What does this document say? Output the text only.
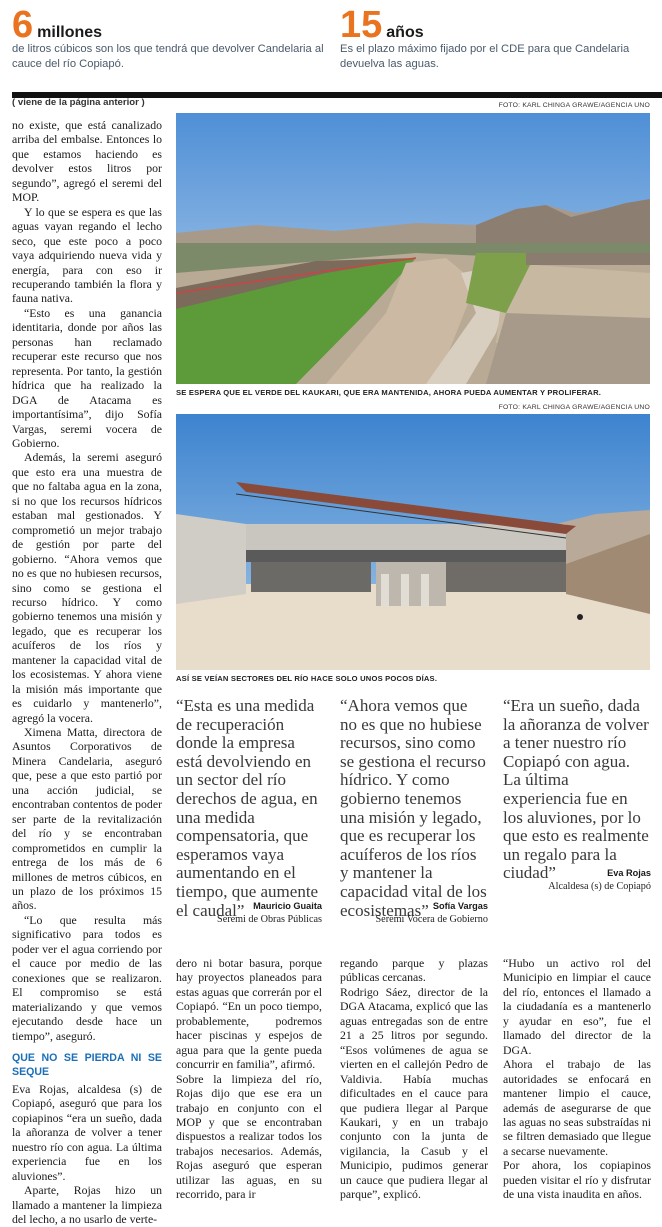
6 millones
de litros cúbicos son los que tendrá que devolver Candelaria al cauce del río Copiapó.
15 años
Es el plazo máximo fijado por el CDE para que Candelaria devuelva las aguas.
( viene de la página anterior )

no existe, que está canalizado arriba del embalse. Entonces lo que estamos haciendo es devolver estos litros por segundo”, agregó el seremi del MOP.

Y lo que se espera es que las aguas vayan regando el lecho seco, que este poco a poco vaya adquiriendo nueva vida y energía, para con eso ir recuperando también la flora y fauna nativa.

“Esto es una ganancia identitaria, donde por años las personas han reclamado recuperar este recurso que nos representa. Por tanto, la gestión hídrica que ha realizado la DGA de Atacama es importantísima”, dijo Sofía Vargas, seremi vocera de Gobierno.

Además, la seremi aseguró que esto era una muestra de que no faltaba agua en la zona, si no que los recursos hídricos estaban mal gestionados. Y comprometió un mejor trabajo de gestión por parte del gobierno. “Ahora vemos que no es que no hubiesen recursos, sino como se gestiona el recurso hídrico. Y como gobierno tenemos una misión y legado, que es recuperar los acuíferos de los ríos y mantener la capacidad vital de los ecosistemas. Y ahora viene la misión más importante que es cuidarlo y mantenerlo”, agregó la vocera.

Ximena Matta, directora de Asuntos Corporativos de Minera Candelaria, aseguró que, pese a que esto partió por una acción judicial, se encontraban contentos de poder ser parte de la revitalización del río y se encontraban comprometidos en cumplir la entrega de los más de 6 millones de metros cúbicos, en un plazo de los próximos 15 años.

“Lo que resulta más significativo para todos es poder ver el agua corriendo por el cauce por medio de las conexiones que se realizaron. El compromiso se está materializando y que vemos ejecutando desde hace un tiempo”, aseguró.

QUE NO SE PIERDA NI SE SEQUE

Eva Rojas, alcaldesa (s) de Copiapó, aseguró que para los copiapinos “era un sueño, dada la añoranza de volver a tener nuestro río con agua. La última experiencia fue en los aluviones”.

Aparte, Rojas hizo un llamado a mantener la limpieza del lecho, a no usarlo de verte-

FOTO: KARL CHINGA GRAWE/AGENCIA UNO
SE ESPERA QUE EL VERDE DEL KAUKARI, QUE ERA MANTENIDA, AHORA PUEDA AUMENTAR Y PROLIFERAR.
FOTO: KARL CHINGA GRAWE/AGENCIA UNO
ASÍ SE VEÍAN SECTORES DEL RÍO HACE SOLO UNOS POCOS DÍAS.
“Esta es una medida de recuperación donde la empresa está devolviendo en un sector del río derechos de agua, en una medida compensatoria, que esperamos vaya aumentando en el tiempo, que aumente el caudal” Mauricio Guaita
Seremi de Obras Públicas
“Ahora vemos que no es que no hubiese recursos, sino como se gestiona el recurso hídrico. Y como gobierno tenemos una misión y legado, que es recuperar los acuíferos de los ríos y mantener la capacidad vital de los ecosistemas” Sofía Vargas
Seremi Vocera de Gobierno
“Era un sueño, dada la añoranza de volver a tener nuestro río Copiapó con agua. La última experiencia fue en los aluviones, por lo que esto es realmente un regalo para la ciudad”	Eva Rojas
Alcaldesa (s) de Copiapó
dero ni botar basura, porque hay proyectos planeados para estas aguas que correrán por el Copiapó. “En un poco tiempo, probablemente, podremos hacer piscinas y espejos de agua para que la gente pueda concurrir en familia”, afirmó.
Sobre la limpieza del río, Rojas dijo que ese era un trabajo en conjunto con el MOP y que se encontraban dispuestos a realizar todos los trabajos necesarios. Además, Rojas aseguró que esperan utilizar las aguas, en su recorrido, para ir
regando parque y plazas públicas cercanas.
Rodrigo Sáez, director de la DGA Atacama, explicó que las aguas entregadas son de entre 21 a 25 litros por segundo. “Esos volúmenes de agua se vierten en el callejón Pedro de Valdivia. Había muchas dificultades en el cauce para que pudiera llegar al Parque Kaukari, y en un trabajo conjunto con la junta de vigilancia, la Casub y el Municipio, pudimos generar un cauce que pudiera llegar al parque”, explicó.
“Hubo un activo rol del Municipio en limpiar el cauce del río, entonces el llamado a la ciudadanía es a mantenerlo y ayudar en eso”, fue el llamado del director de la DGA.
Ahora el trabajo de las autoridades se enfocará en mantener limpio el cauce, además de asegurarse de que las aguas no seas substraídas ni se filtren demasiado que llegue a secarse nuevamente.
Por ahora, los copiapinos pueden visitar el río y disfrutar de una vista inaudita en años.
